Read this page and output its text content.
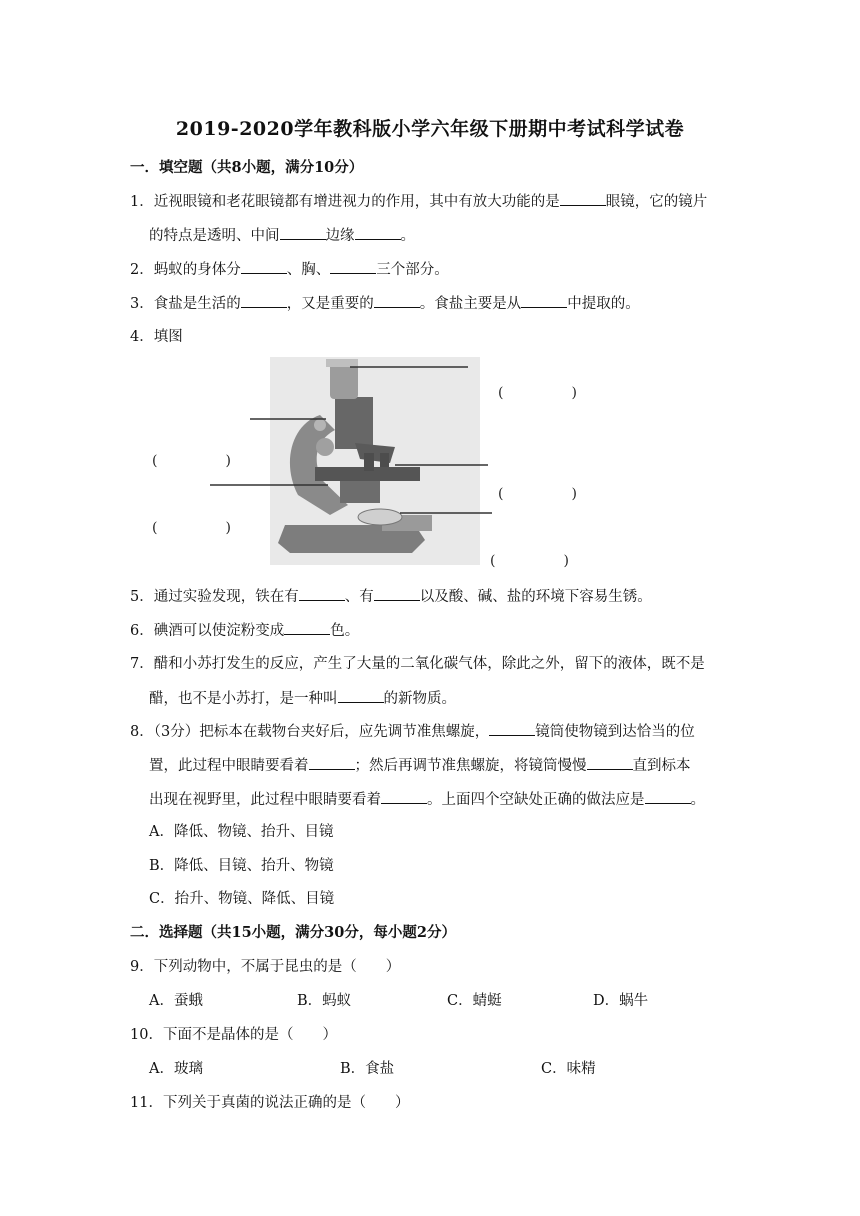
2019-2020学年教科版小学六年级下册期中考试科学试卷
一．填空题（共8小题，满分10分）
1．近视眼镜和老花眼镜都有增进视力的作用，其中有放大功能的是	眼镜，它的镜片
的特点是透明、中间	边缘	。
2．蚂蚁的身体分	、胸、	三个部分。
3．食盐是生活的	，又是重要的	。食盐主要是从	中提取的。
4．填图
(	)
(	)
(	)
(	)
(	)
5．通过实验发现，铁在有	、有	以及酸、碱、盐的环境下容易生锈。
6．碘酒可以使淀粉变成	色。
7．醋和小苏打发生的反应，产生了大量的二氧化碳气体，除此之外，留下的液体，既不是
醋，也不是小苏打，是一种叫	的新物质。
8．（3分）把标本在载物台夹好后，应先调节准焦螺旋，	镜筒使物镜到达恰当的位
置，此过程中眼睛要看着	；然后再调节准焦螺旋，将镜筒慢慢	直到标本
出现在视野里，此过程中眼睛要看着	。上面四个空缺处正确的做法应是	。
A．降低、物镜、抬升、目镜
B．降低、目镜、抬升、物镜
C．抬升、物镜、降低、目镜
二．选择题（共15小题，满分30分，每小题2分）
9．下列动物中，不属于昆虫的是（　　）
A．蚕蛾	B．蚂蚁	C．蜻蜓	D．蜗牛
10．下面不是晶体的是（　　）
A．玻璃	B．食盐	C．味精
11．下列关于真菌的说法正确的是（　　）
